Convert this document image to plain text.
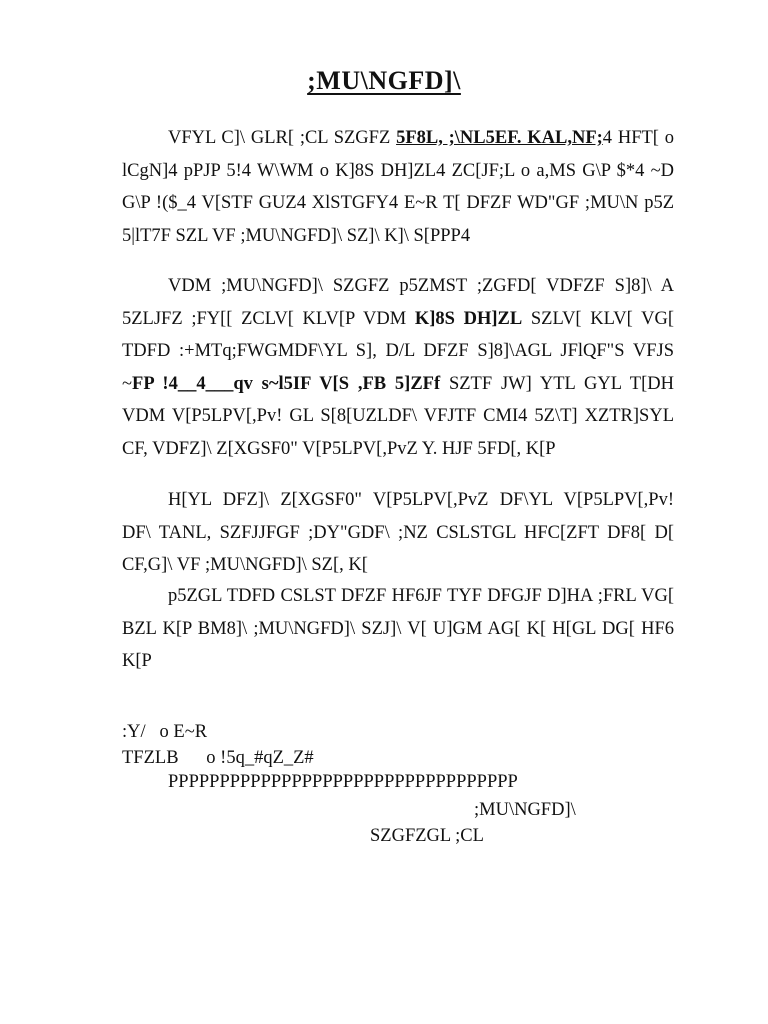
;MU\NGFD]\

VFYL C]\ GLR[ ;CL SZGFZ 5F8L, ;\NL5EF. KAL,NF;4 HFT[ o lCgN]4 pPJP 5!4 W\WM o K]8S DH]ZL4 ZC[JF;L o a,MS G\P $*4 ~D G\P !($_4 V[STF GUZ4 XlSTGFY4 E~R T[ DFZF WD"GF ;MU\N p5Z 5|lT7F SZL VF ;MU\NGFD]\ SZ]\ K]\ S[PPP4

VDM ;MU\NGFD]\ SZGFZ p5ZMST ;ZGFD[ VDFZF S]8]\ A 5ZLJFZ ;FY[[ ZCLV[ KLV[P VDM K]8S DH]ZL SZLV[ KLV[ VG[ TDFD :+MTq;FWGMDF\YL S], D/L DFZF S]8]\AGL JFlQF"S VFJS ~FP !4__4___qv s~l5IF V[S ,FB 5]ZFf SZTF JW] YTL GYL T[DH VDM V[P5LPV[,Pv! GL S[8[UZLDF\ VFJTF CMI4 5Z\T] XZTR]SYL CF, VDFZ]\ Z[XGSF0" V[P5LPV[,PvZ Y. HJF 5FD[, K[P

H[YL DFZ]\ Z[XGSF0" V[P5LPV[,PvZ DF\YL V[P5LPV[,Pv! DF\ TANL, SZFJJFGF ;DY"GDF\ ;NZ CSLSTGL HFC[ZFT DF8[ D[ CF,G]\ VF ;MU\NGFD]\ SZ[, K[

p5ZGL TDFD CSLST DFZF HF6JF TYF DFGJF D]HA ;FRL VG[ BZL K[P BM8]\ ;MU\NGFD]\ SZJ]\ V[ U]GM AG[ K[ H[GL DG[ HF6 K[P

:Y/   o E~R
TFZLB      o !5q_#qZ_Z#
PPPPPPPPPPPPPPPPPPPPPPPPPPPPPPPPPP
;MU\NGFD]\
SZGFZGL ;CL
